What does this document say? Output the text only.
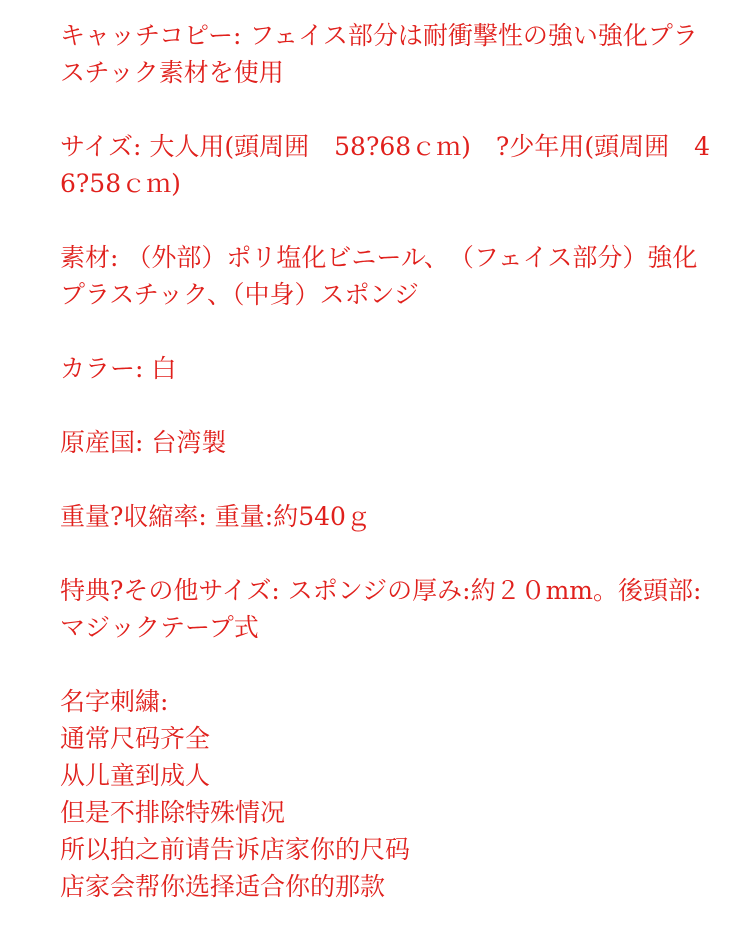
キャッチコピー : フェイス部分は耐衝撃性の強い強化プラスチック素材を使用

サイズ : 大人用(頭周囲　58?68ｃｍ)　?少年用(頭周囲　46?58ｃｍ)

素材 : （外部）ポリ塩化ビニール、　（フェイス部分）強化プラスチック、（中身）スポンジ

カラー : 白

原産国 : 台湾製

重量?収縮率 : 重量:約540ｇ

特典?その他サイズ : スポンジの厚み:約２０mm。後頭部:マジックテープ式

名字刺繍:
通常尺码齐全
从儿童到成人
但是不排除特殊情况
所以拍之前请告诉店家你的尺码
店家会帮你选择适合你的那款
